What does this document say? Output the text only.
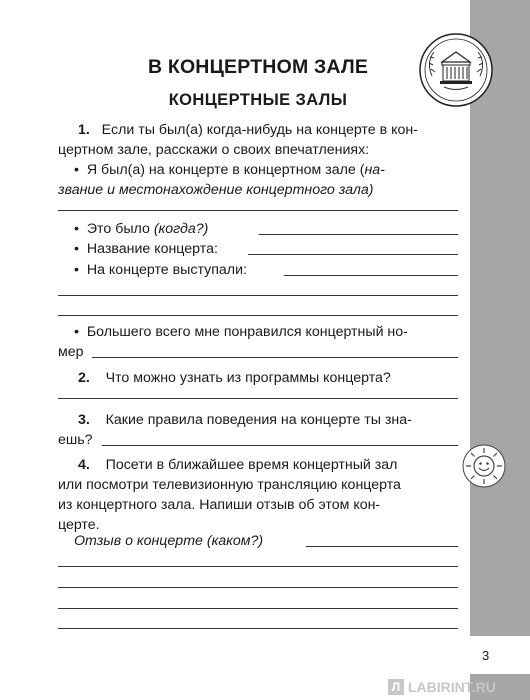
В КОНЦЕРТНОМ ЗАЛЕ
КОНЦЕРТНЫЕ ЗАЛЫ
1. Если ты был(а) когда-нибудь на концерте в кон-
цертном зале, расскажи о своих впечатлениях:
• Я был(а) на концерте в концертном зале (на-
звание и местонахождение концертного зала)
• Это было (когда?)
• Название концерта:
• На концерте выступали:
• Большего всего мне понравился концертный но-
мер
2. Что можно узнать из программы концерта?
3. Какие правила поведения на концерте ты зна-
ешь?
4. Посети в ближайшее время концертный зал
или посмотри телевизионную трансляцию концерта
из концертного зала. Напиши отзыв об этом кон-
церте.
Отзыв о концерте (каком?)
3
Л LABIRINT.RU
